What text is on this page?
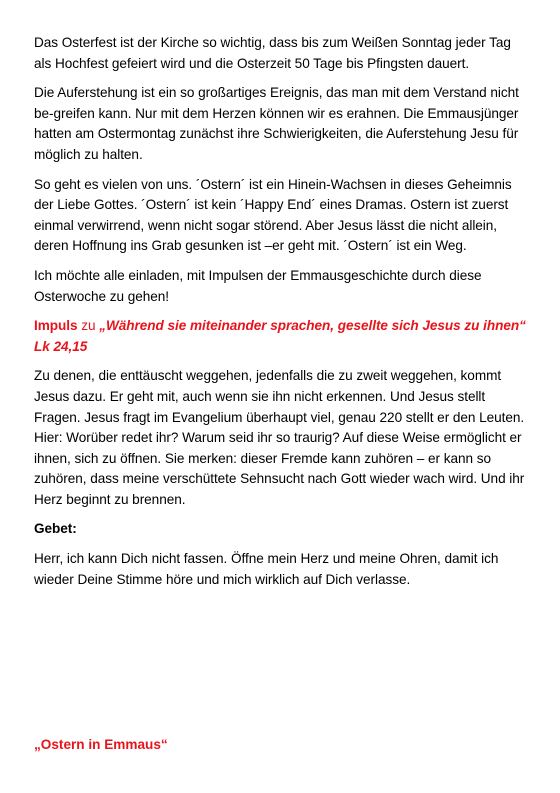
Das Osterfest ist der Kirche so wichtig, dass bis zum Weißen Sonntag jeder Tag als Hochfest gefeiert wird und die Osterzeit 50 Tage bis Pfingsten dauert.

Die Auferstehung ist ein so großartiges Ereignis, das man mit dem Verstand nicht be-greifen kann. Nur mit dem Herzen können wir es erahnen. Die Emmausjünger hatten am Ostermontag zunächst ihre Schwierigkeiten, die Auferstehung Jesu für möglich zu halten.

So geht es vielen von uns. ´Ostern´ ist ein Hinein-Wachsen in dieses Geheimnis der Liebe Gottes. ´Ostern´ ist kein ´Happy End´ eines Dramas. Ostern ist zuerst einmal verwirrend, wenn nicht sogar störend. Aber Jesus lässt die nicht allein, deren Hoffnung ins Grab gesunken ist –er geht mit. ´Ostern´ ist ein Weg.

Ich möchte alle einladen, mit Impulsen der Emmausgeschichte durch diese Osterwoche zu gehen!

Impuls zu „Während sie miteinander sprachen, gesellte sich Jesus zu ihnen“ Lk 24,15

Zu denen, die enttäuscht weggehen, jedenfalls die zu zweit weggehen, kommt Jesus dazu. Er geht mit, auch wenn sie ihn nicht erkennen. Und Jesus stellt Fragen. Jesus fragt im Evangelium überhaupt viel, genau 220 stellt er den Leuten. Hier: Worüber redet ihr? Warum seid ihr so traurig? Auf diese Weise ermöglicht er ihnen, sich zu öffnen. Sie merken: dieser Fremde kann zuhören – er kann so zuhören, dass meine verschüttete Sehnsucht nach Gott wieder wach wird. Und ihr Herz beginnt zu brennen.

Gebet:

Herr, ich kann Dich nicht fassen. Öffne mein Herz und meine Ohren, damit ich wieder Deine Stimme höre und mich wirklich auf Dich verlasse.

„Ostern in Emmaus“
